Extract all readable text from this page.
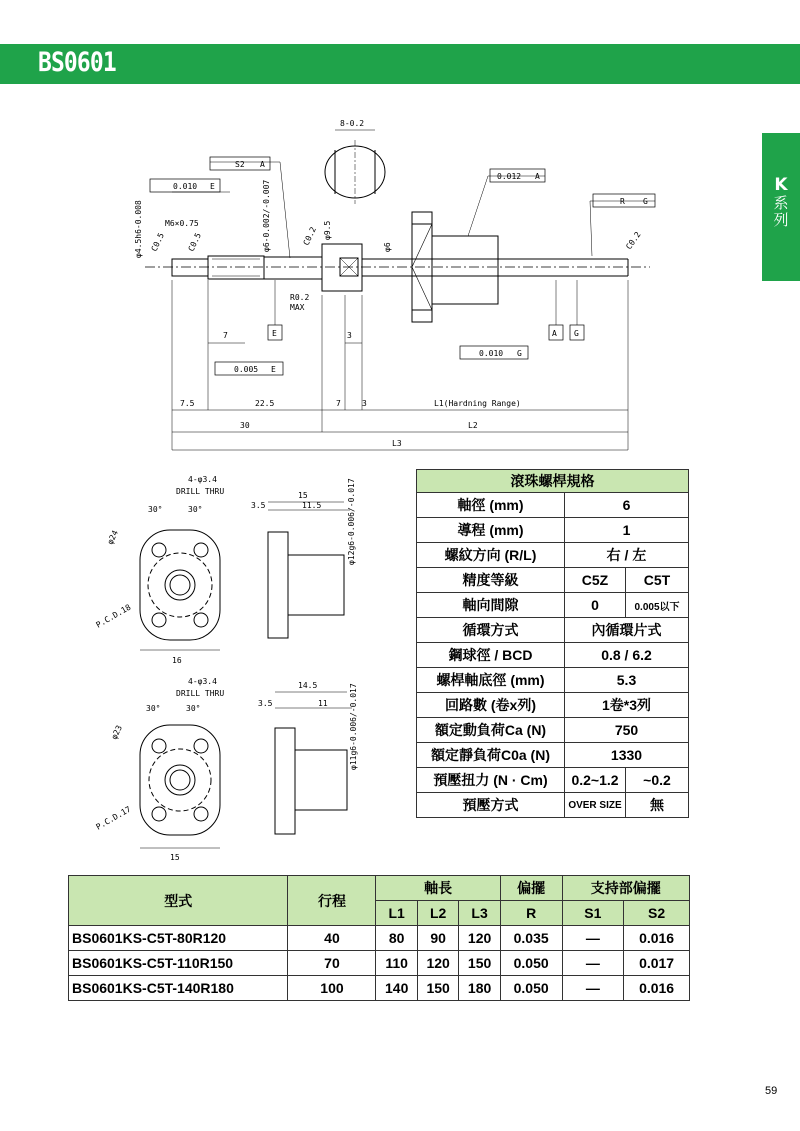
BS0601
K
系列
8-0.2
S2 A
0.010 E
0.012 A
R G
M6×0.75
R0.2
MAX
7	E	3	A G
0.010 G
0.005 E
7.5	22.5	7	3	L1(Hardning Range)
30	L2
L3
φ4.5h6-0.008 C0.5	C0.5	φ6-0.002/-0.007	C0.2 φ9.5
φ6	C0.2
4-φ3.4
DRILL THRU
30°	30°
φ24
P.C.D.18
16
15
3.5	11.5	φ12g6-0.006/-0.017
4-φ3.4
DRILL THRU
30°	30°
φ23
P.C.D.17
15
14.5
3.5	11	φ11g6-0.006/-0.017
滾珠螺桿規格		
軸徑 (mm)	6	
導程 (mm)	1	
螺紋方向 (R/L)	右 / 左	
精度等級	C5Z	C5T
軸向間隙	0	0.005以下
循環方式	內循環片式	
鋼球徑 / BCD	0.8 / 6.2	
螺桿軸底徑 (mm)	5.3	
回路數 (卷x列)	1卷*3列	
額定動負荷Ca (N)	750	
額定靜負荷C0a (N)	1330	
預壓扭力 (N · Cm)	0.2~1.2	~0.2
預壓方式	OVER SIZE	無
型式	行程	軸長			偏擺	支持部偏擺	
		L1	L2	L3	R	S1	S2
BS0601KS-C5T-80R120	40	80	90	120	0.035	—	0.016
BS0601KS-C5T-110R150	70	110	120	150	0.050	—	0.017
BS0601KS-C5T-140R180	100	140	150	180	0.050	—	0.016
59
